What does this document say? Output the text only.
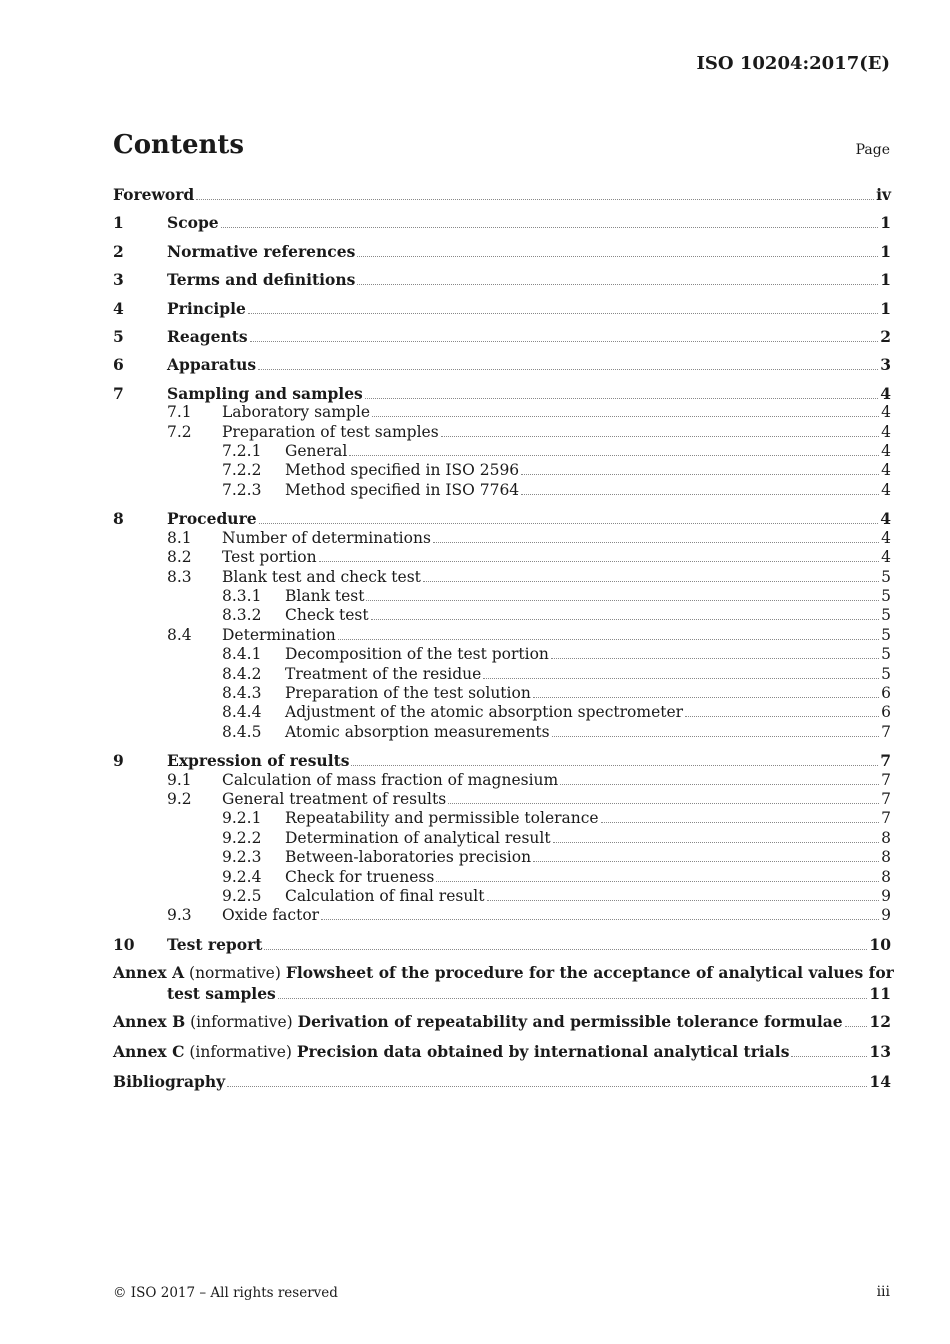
ISO 10204:2017(E)
Contents	Page
Foreword	iv
1	Scope	1
2	Normative references	1
3	Terms and definitions	1
4	Principle	1
5	Reagents	2
6	Apparatus	3
7	Sampling and samples	4
7.1	Laboratory sample	4
7.2	Preparation of test samples	4
7.2.1	General	4
7.2.2	Method specified in ISO 2596	4
7.2.3	Method specified in ISO 7764	4
8	Procedure	4
8.1	Number of determinations	4
8.2	Test portion	4
8.3	Blank test and check test	5
8.3.1	Blank test	5
8.3.2	Check test	5
8.4	Determination	5
8.4.1	Decomposition of the test portion	5
8.4.2	Treatment of the residue	5
8.4.3	Preparation of the test solution	6
8.4.4	Adjustment of the atomic absorption spectrometer	6
8.4.5	Atomic absorption measurements	7
9	Expression of results	7
9.1	Calculation of mass fraction of magnesium	7
9.2	General treatment of results	7
9.2.1	Repeatability and permissible tolerance	7
9.2.2	Determination of analytical result	8
9.2.3	Between-laboratories precision	8
9.2.4	Check for trueness	8
9.2.5	Calculation of final result	9
9.3	Oxide factor	9
10	Test report	10
Annex A (normative) Flowsheet of the procedure for the acceptance of analytical values for
test samples	11
Annex B (informative) Derivation of repeatability and permissible tolerance formulae 12
Annex C (informative) Precision data obtained by international analytical trials	13
Bibliography	14
© ISO 2017 – All rights reserved	iii
